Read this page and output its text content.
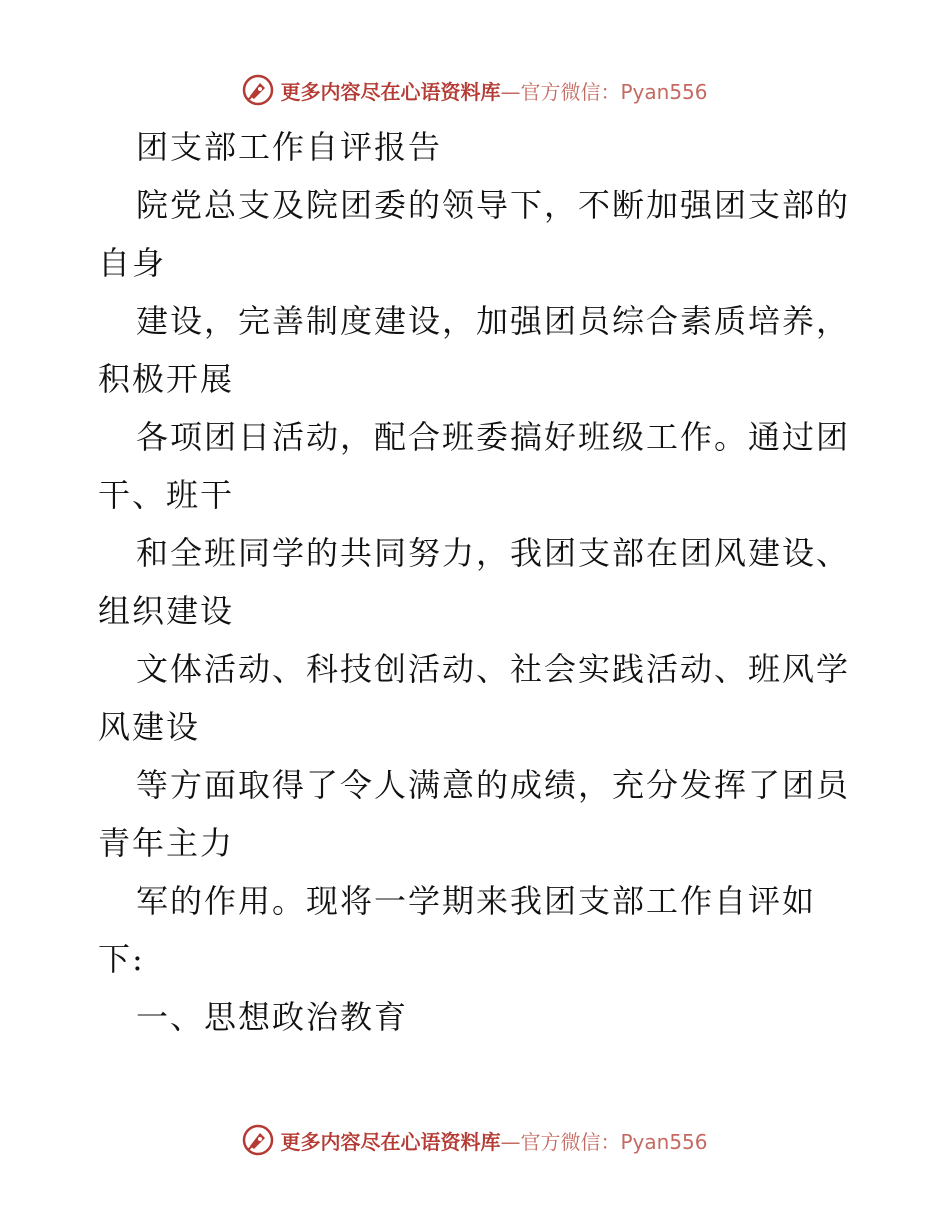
更多内容尽在心语资料库—官方微信：Pyan556
团支部工作自评报告
院党总支及院团委的领导下，不断加强团支部的
自身
建设，完善制度建设，加强团员综合素质培养，
积极开展
各项团日活动，配合班委搞好班级工作。通过团
干、班干
和全班同学的共同努力，我团支部在团风建设、
组织建设
文体活动、科技创活动、社会实践活动、班风学
风建设
等方面取得了令人满意的成绩，充分发挥了团员
青年主力
军的作用。现将一学期来我团支部工作自评如
下:
一、思想政治教育
更多内容尽在心语资料库—官方微信：Pyan556
